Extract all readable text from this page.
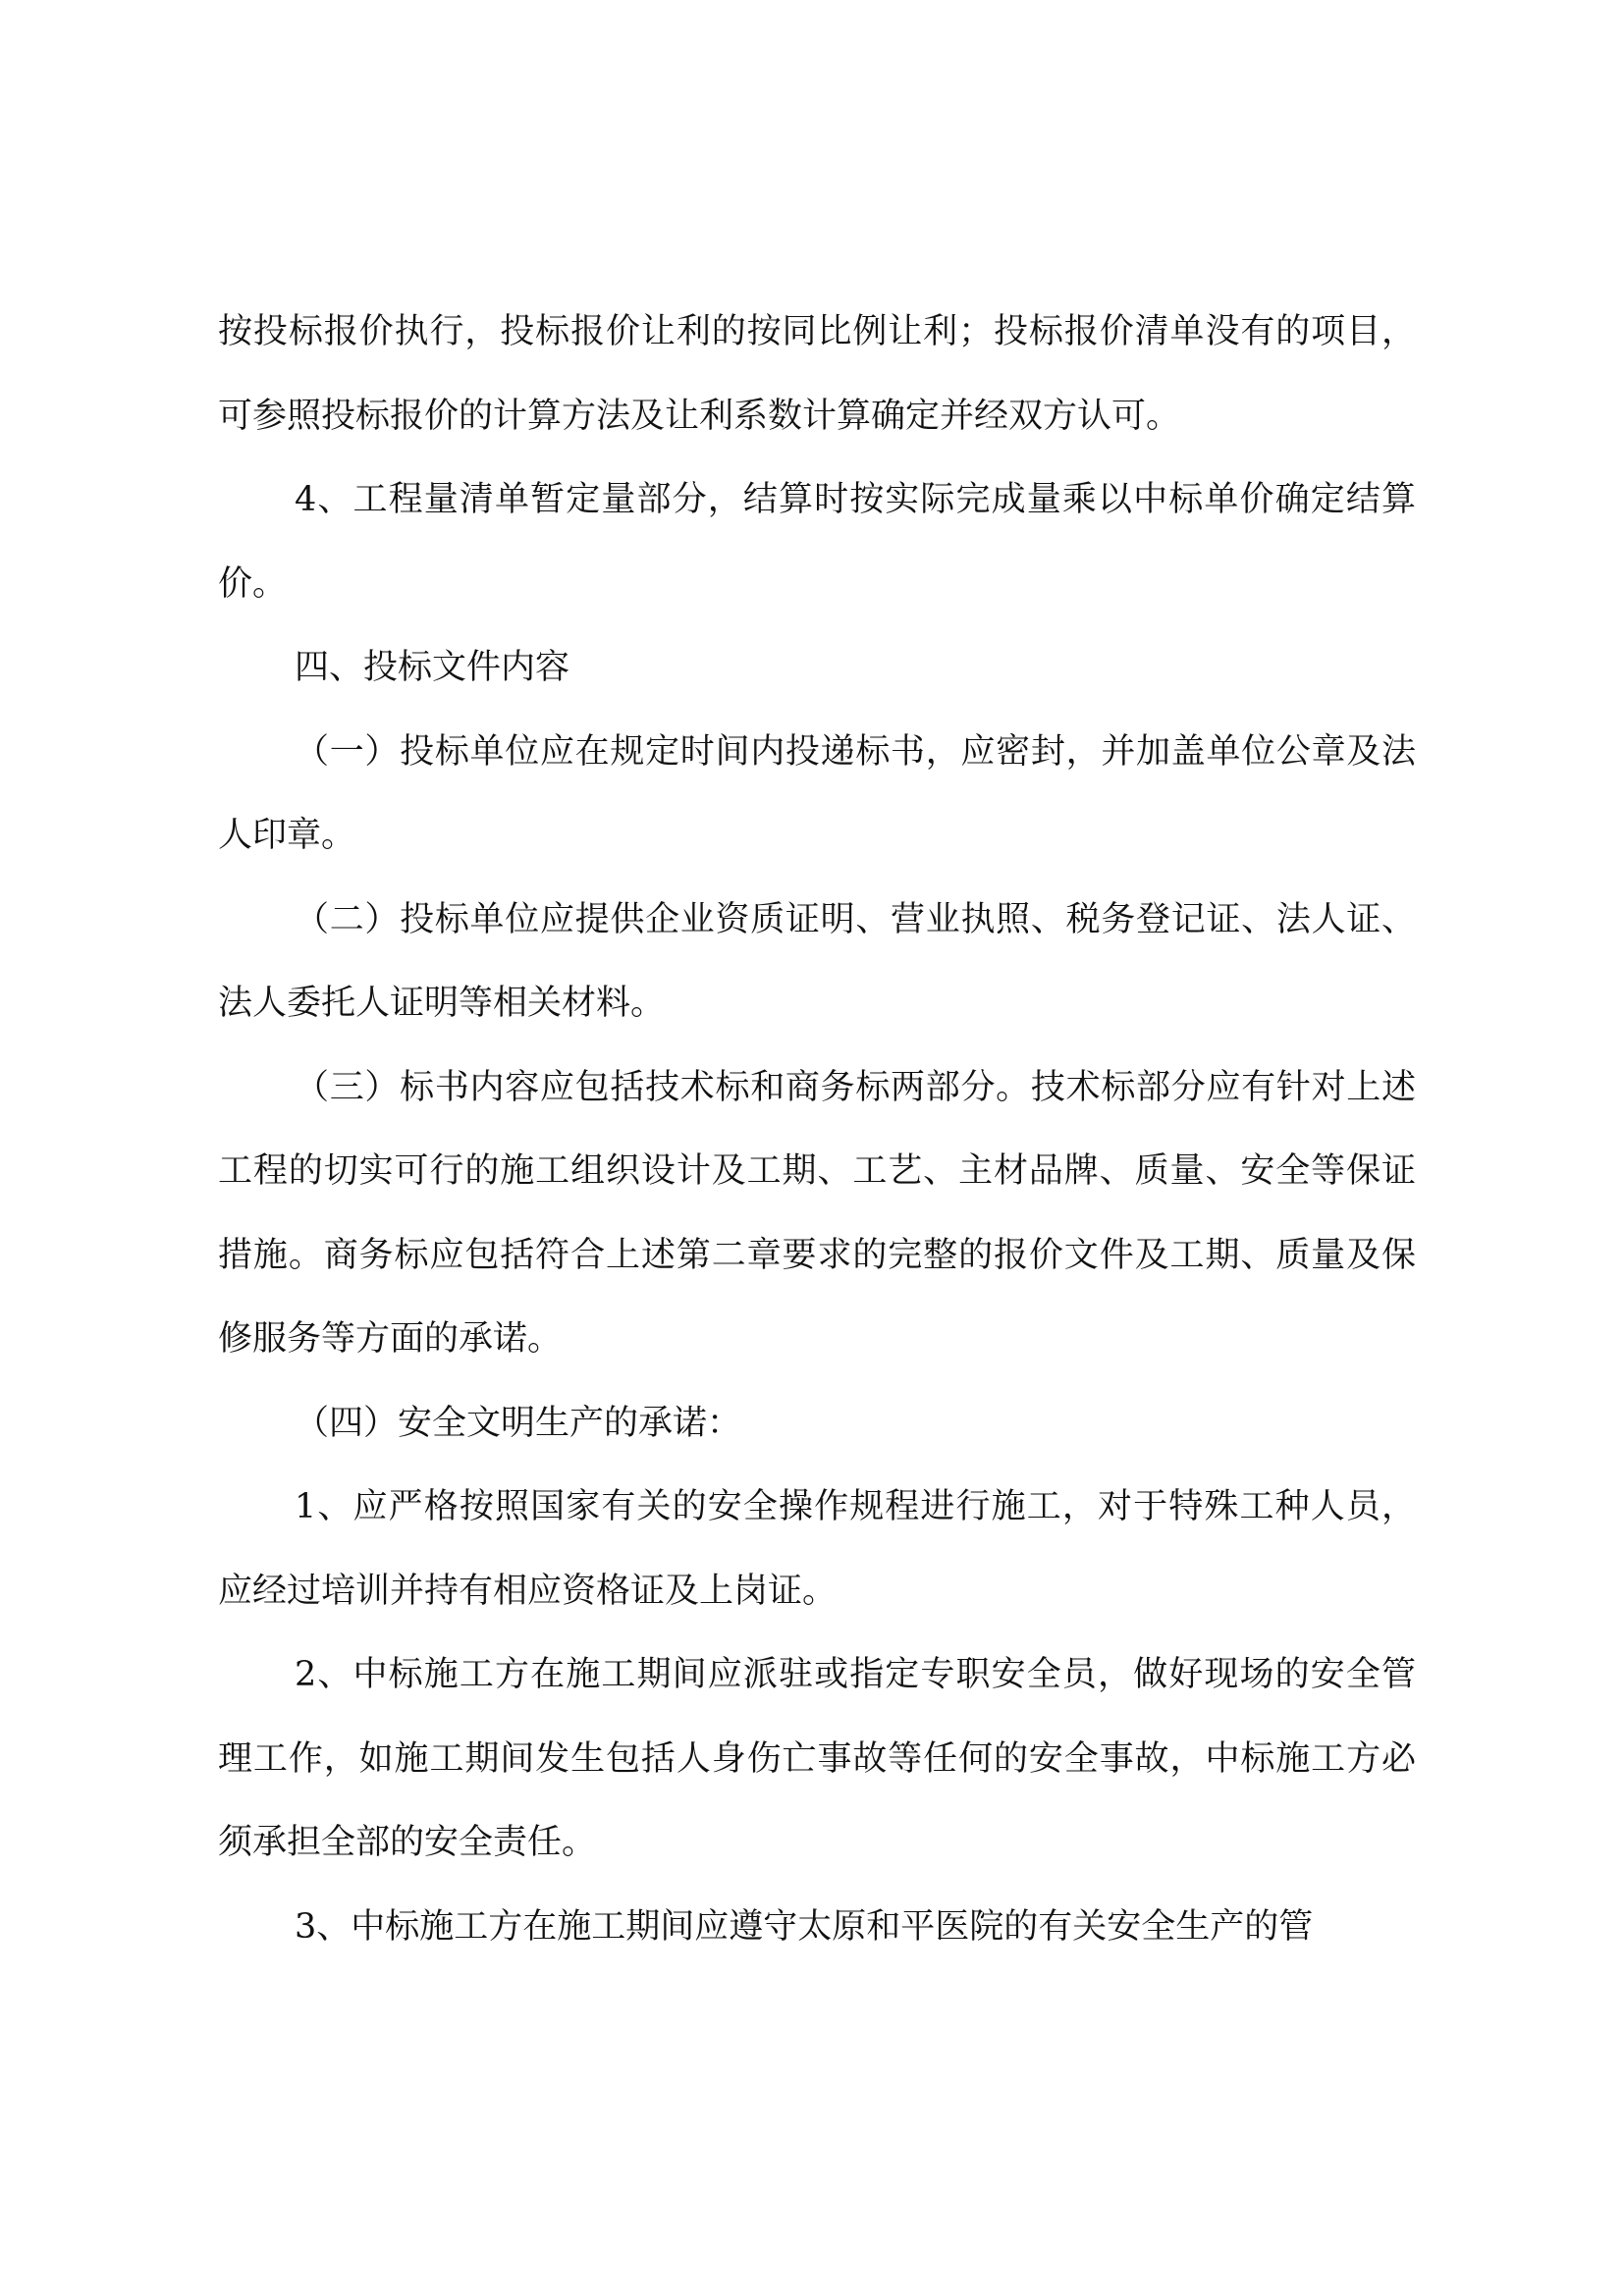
按投标报价执行，投标报价让利的按同比例让利；投标报价清单没有的项目，可参照投标报价的计算方法及让利系数计算确定并经双方认可。

4、工程量清单暂定量部分，结算时按实际完成量乘以中标单价确定结算价。

四、投标文件内容

（一）投标单位应在规定时间内投递标书，应密封，并加盖单位公章及法人印章。

（二）投标单位应提供企业资质证明、营业执照、税务登记证、法人证、法人委托人证明等相关材料。

（三）标书内容应包括技术标和商务标两部分。技术标部分应有针对上述工程的切实可行的施工组织设计及工期、工艺、主材品牌、质量、安全等保证措施。商务标应包括符合上述第二章要求的完整的报价文件及工期、质量及保修服务等方面的承诺。

（四）安全文明生产的承诺：

1、应严格按照国家有关的安全操作规程进行施工，对于特殊工种人员，应经过培训并持有相应资格证及上岗证。

2、中标施工方在施工期间应派驻或指定专职安全员，做好现场的安全管理工作，如施工期间发生包括人身伤亡事故等任何的安全事故，中标施工方必须承担全部的安全责任。

3、中标施工方在施工期间应遵守太原和平医院的有关安全生产的管
